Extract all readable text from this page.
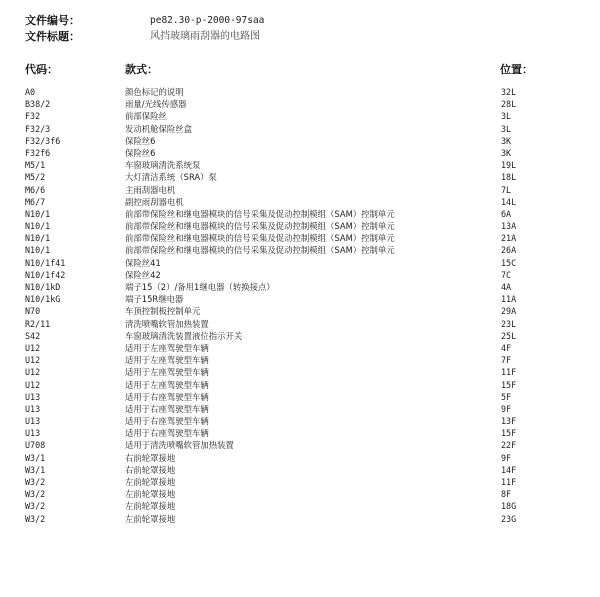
文件编号：	pe82.30-p-2000-97saa
文件标题：	风挡玻璃雨刮器的电路图
代码：	款式：	位置：
A0	颜色标记的说明	32L
B38/2	雨量/光线传感器	28L
F32	前部保险丝	3L
F32/3	发动机舱保险丝盒	3L
F32/3f6	保险丝6	3K
F32f6	保险丝6	3K
M5/1	车窗玻璃清洗系统泵	19L
M5/2	大灯清洁系统（SRA）泵	18L
M6/6	主雨刮器电机	7L
M6/7	副控雨刮器电机	14L
N10/1	前部带保险丝和继电器模块的信号采集及促动控制模组（SAM）控制单元	6A
N10/1	前部带保险丝和继电器模块的信号采集及促动控制模组（SAM）控制单元	13A
N10/1	前部带保险丝和继电器模块的信号采集及促动控制模组（SAM）控制单元	21A
N10/1	前部带保险丝和继电器模块的信号采集及促动控制模组（SAM）控制单元	26A
N10/1f41	保险丝41	15C
N10/1f42	保险丝42	7C
N10/1kD	端子15（2）/备用1继电器（转换接点）	4A
N10/1kG	端子15R继电器	11A
N70	车顶控制板控制单元	29A
R2/11	清洗喷嘴软管加热装置	23L
S42	车窗玻璃清洗装置液位指示开关	25L
U12	适用于左座驾驶型车辆	4F
U12	适用于左座驾驶型车辆	7F
U12	适用于左座驾驶型车辆	11F
U12	适用于左座驾驶型车辆	15F
U13	适用于右座驾驶型车辆	5F
U13	适用于右座驾驶型车辆	9F
U13	适用于右座驾驶型车辆	13F
U13	适用于右座驾驶型车辆	15F
U708	适用于清洗喷嘴软管加热装置	22F
W3/1	右前轮罩接地	9F
W3/1	右前轮罩接地	14F
W3/2	左前轮罩接地	11F
W3/2	左前轮罩接地	8F
W3/2	左前轮罩接地	18G
W3/2	左前轮罩接地	23G
